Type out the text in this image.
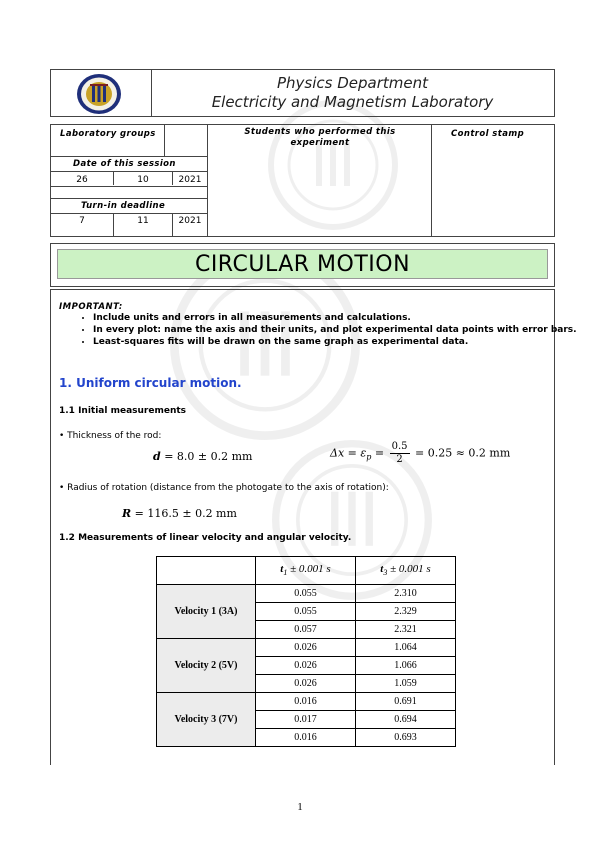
Physics Department
Electricity and Magnetism Laboratory
Laboratory groups	Students who performed this experiment
Control stamp
Date of this session
26	10	2021
Turn-in deadline
7	11	2021
CIRCULAR MOTION
IMPORTANT:
• Include units and errors in all measurements and calculations.
• In every plot: name the axis and their units, and plot experimental data points with error bars.
• Least-squares fits will be drawn on the same graph as experimental data.
1. Uniform circular motion.
1.1 Initial measurements
• Thickness of the rod:
d = 8.0 ± 0.2 mm	$\Delta x = \varepsilon_p = \frac{0.5}{2} = 0.25 \approx 0.2$ mm
• Radius of rotation (distance from the photogate to the axis of rotation):
R = 116.5 ± 0.2 mm
1.2 Measurements of linear velocity and angular velocity.
	$t_1 \pm 0.001$ s	$t_3 \pm 0.001$ s
Velocity 1 (3A)	0.055	2.310
	0.055	2.329
	0.057	2.321
Velocity 2 (5V)	0.026	1.064
	0.026	1.066
	0.026	1.059
Velocity 3 (7V)	0.016	0.691
	0.017	0.694
	0.016	0.693
1
